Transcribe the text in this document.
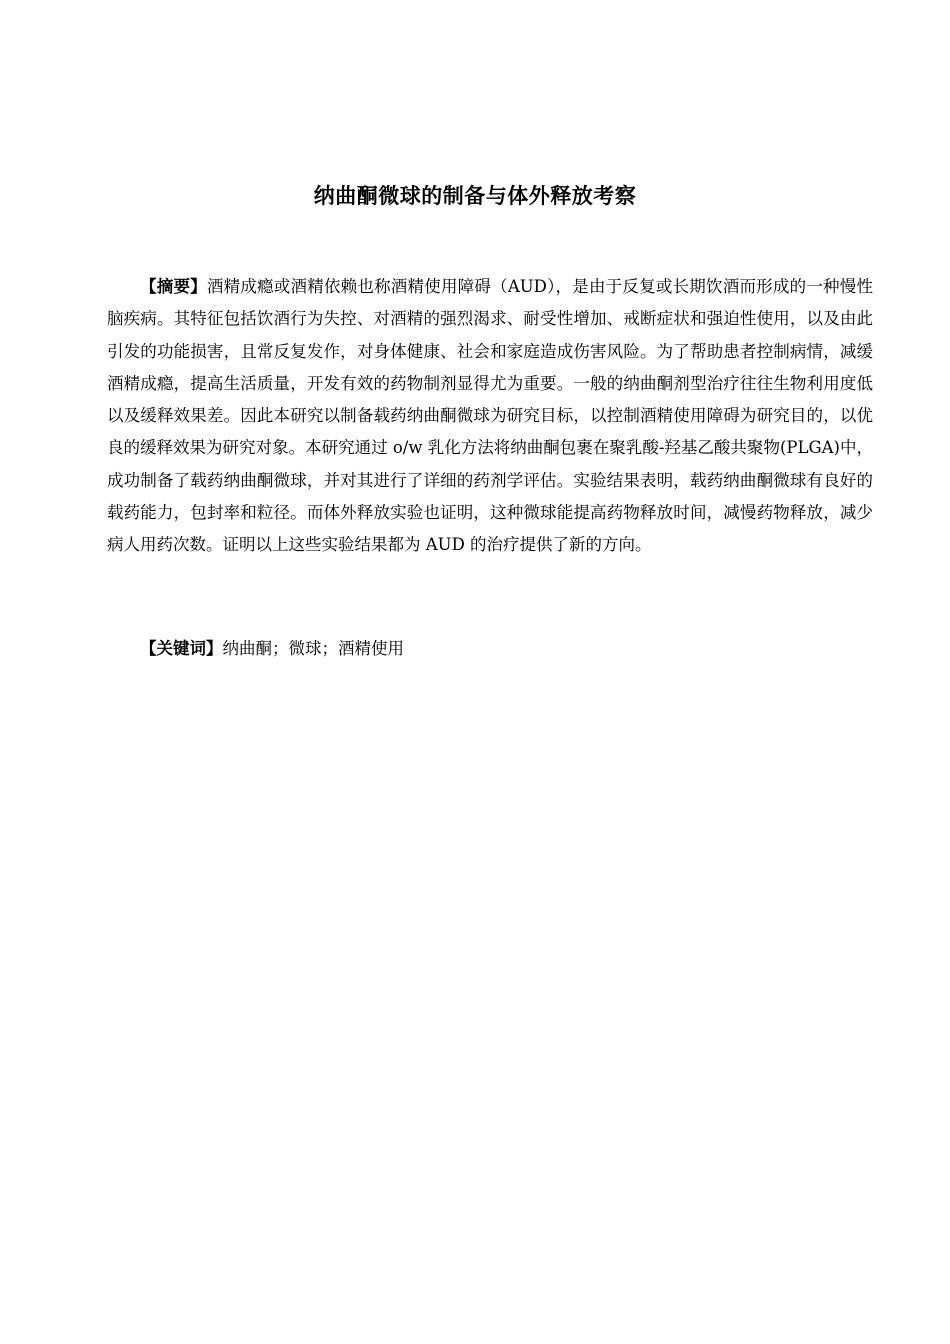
纳曲酮微球的制备与体外释放考察

【摘要】酒精成瘾或酒精依赖也称酒精使用障碍（AUD），是由于反复或长期饮酒而形成的一种慢性脑疾病。其特征包括饮酒行为失控、对酒精的强烈渴求、耐受性增加、戒断症状和强迫性使用，以及由此引发的功能损害，且常反复发作，对身体健康、社会和家庭造成伤害风险。为了帮助患者控制病情，减缓酒精成瘾，提高生活质量，开发有效的药物制剂显得尤为重要。一般的纳曲酮剂型治疗往往生物利用度低以及缓释效果差。因此本研究以制备载药纳曲酮微球为研究目标，以控制酒精使用障碍为研究目的，以优良的缓释效果为研究对象。本研究通过 o/w 乳化方法将纳曲酮包裹在聚乳酸-羟基乙酸共聚物(PLGA)中，成功制备了载药纳曲酮微球，并对其进行了详细的药剂学评估。实验结果表明，载药纳曲酮微球有良好的载药能力，包封率和粒径。而体外释放实验也证明，这种微球能提高药物释放时间，减慢药物释放，减少病人用药次数。证明以上这些实验结果都为 AUD 的治疗提供了新的方向。

【关键词】纳曲酮；微球；酒精使用
